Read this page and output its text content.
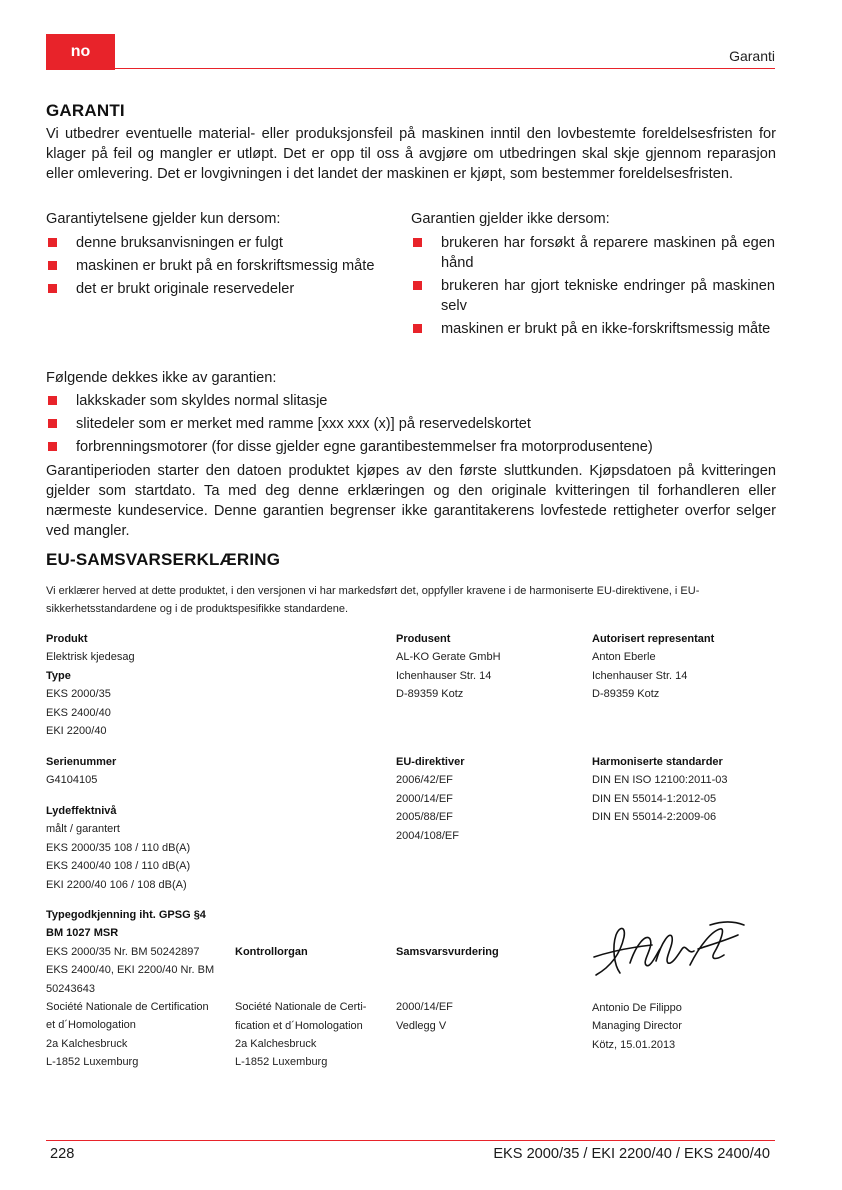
no	Garanti
GARANTI
Vi utbedrer eventuelle material- eller produksjonsfeil på maskinen inntil den lovbestemte foreldelsesfristen for klager på feil og mangler er utløpt. Det er opp til oss å avgjøre om utbedringen skal skje gjennom reparasjon eller omlevering. Det er lovgivningen i det landet der maskinen er kjøpt, som bestemmer foreldelsesfristen.
Garantiytelsene gjelder kun dersom:
denne bruksanvisningen er fulgt
maskinen er brukt på en forskriftsmessig måte
det er brukt originale reservedeler
Garantien gjelder ikke dersom:
brukeren har forsøkt å reparere maskinen på egen hånd
brukeren har gjort tekniske endringer på maskinen selv
maskinen er brukt på en ikke-forskriftsmessig måte
Følgende dekkes ikke av garantien:
lakkskader som skyldes normal slitasje
slitedeler som er merket med ramme [xxx xxx (x)] på reservedelskortet
forbrenningsmotorer (for disse gjelder egne garantibestemmelser fra motorprodusentene)
Garantiperioden starter den datoen produktet kjøpes av den første sluttkunden. Kjøpsdatoen på kvitteringen gjelder som startdato. Ta med deg denne erklæringen og den originale kvitteringen til forhandleren eller nærmeste kundeservice. Denne garantien begrenser ikke garantitakerens lovfestede rettigheter overfor selger ved mangler.
EU-SAMSVARSERKLÆRING
Vi erklærer herved at dette produktet, i den versjonen vi har markedsført det, oppfyller kravene i de harmoniserte EU-direktivene, i EU-sikkerhetsstandardene og i de produktspesifikke standardene.
Produkt
Elektrisk kjedesag
Type
EKS 2000/35
EKS 2400/40
EKI 2200/40
Serienummer
G4104105
Lydeffektnivå
målt / garantert
EKS 2000/35 108 / 110 dB(A)
EKS 2400/40 108 / 110 dB(A)
EKI 2200/40 106 / 108 dB(A)
Typegodkjenning iht. GPSG §4
BM 1027 MSR
EKS 2000/35 Nr. BM 50242897
EKS 2400/40, EKI 2200/40 Nr. BM
50243643
Société Nationale de Certification
et d´Homologation
2a Kalchesbruck
L-1852 Luxemburg
Kontrollorgan
Société Nationale de Certi-
fication et d´Homologation
2a Kalchesbruck
L-1852 Luxemburg
Produsent
AL-KO Gerate GmbH
Ichenhauser Str. 14
D-89359 Kotz
EU-direktiver
2006/42/EF
2000/14/EF
2005/88/EF
2004/108/EF
Samsvarsvurdering
2000/14/EF
Vedlegg V
Autorisert representant
Anton Eberle
Ichenhauser Str. 14
D-89359 Kotz
Harmoniserte standarder
DIN EN ISO 12100:2011-03
DIN EN 55014-1:2012-05
DIN EN 55014-2:2009-06
Antonio De Filippo
Managing Director
Kötz, 15.01.2013
228	EKS 2000/35 / EKI 2200/40 / EKS 2400/40
